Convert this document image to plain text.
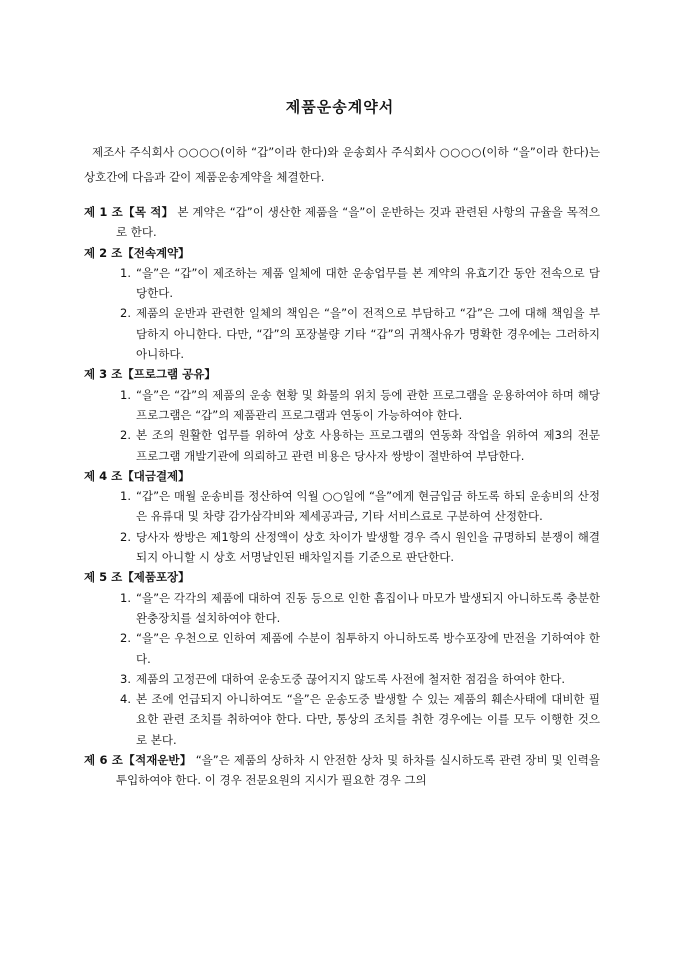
제품운송계약서

제조사 주식회사 ○○○○(이하 “갑”이라 한다)와 운송회사 주식회사 ○○○○(이하 “을”이라 한다)는 상호간에 다음과 같이 제품운송계약을 체결한다.

제 1 조【목 적】 본 계약은 “갑”이 생산한 제품을 “을”이 운반하는 것과 관련된 사항의 규율을 목적으로 한다.

제 2 조【전속계약】

1. “을”은 “갑”이 제조하는 제품 일체에 대한 운송업무를 본 계약의 유효기간 동안 전속으로 담당한다.

2. 제품의 운반과 관련한 일체의 책임은 “을”이 전적으로 부담하고 “갑”은 그에 대해 책임을 부담하지 아니한다. 다만, “갑”의 포장불량 기타 “갑”의 귀책사유가 명확한 경우에는 그러하지 아니하다.

제 3 조【프로그램 공유】

1. “을”은 “갑”의 제품의 운송 현황 및 화물의 위치 등에 관한 프로그램을 운용하여야 하며 해당 프로그램은 “갑”의 제품관리 프로그램과 연동이 가능하여야 한다.

2. 본 조의 원활한 업무를 위하여 상호 사용하는 프로그램의 연동화 작업을 위하여 제3의 전문 프로그램 개발기관에 의뢰하고 관련 비용은 당사자 쌍방이 절반하여 부담한다.

제 4 조【대금결제】

1. “갑”은 매월 운송비를 정산하여 익월 ○○일에 “을”에게 현금입금 하도록 하되 운송비의 산정은 유류대 및 차량 감가삼각비와 제세공과금, 기타 서비스료로 구분하여 산정한다.

2. 당사자 쌍방은 제1항의 산정액이 상호 차이가 발생할 경우 즉시 원인을 규명하되 분쟁이 해결되지 아니할 시 상호 서명날인된 배차일지를 기준으로 판단한다.

제 5 조【제품포장】

1. “을”은 각각의 제품에 대하여 진동 등으로 인한 흠집이나 마모가 발생되지 아니하도록 충분한 완충장치를 설치하여야 한다.

2. “을”은 우천으로 인하여 제품에 수분이 침투하지 아니하도록 방수포장에 만전을 기하여야 한다.

3. 제품의 고정끈에 대하여 운송도중 끊어지지 않도록 사전에 철저한 점검을 하여야 한다.

4. 본 조에 언급되지 아니하여도 “을”은 운송도중 발생할 수 있는 제품의 훼손사태에 대비한 필요한 관련 조치를 취하여야 한다. 다만, 통상의 조치를 취한 경우에는 이를 모두 이행한 것으로 본다.

제 6 조【적재운반】 “을”은 제품의 상하차 시 안전한 상차 및 하차를 실시하도록 관련 장비 및 인력을 투입하여야 한다. 이 경우 전문요원의 지시가 필요한 경우 그의
